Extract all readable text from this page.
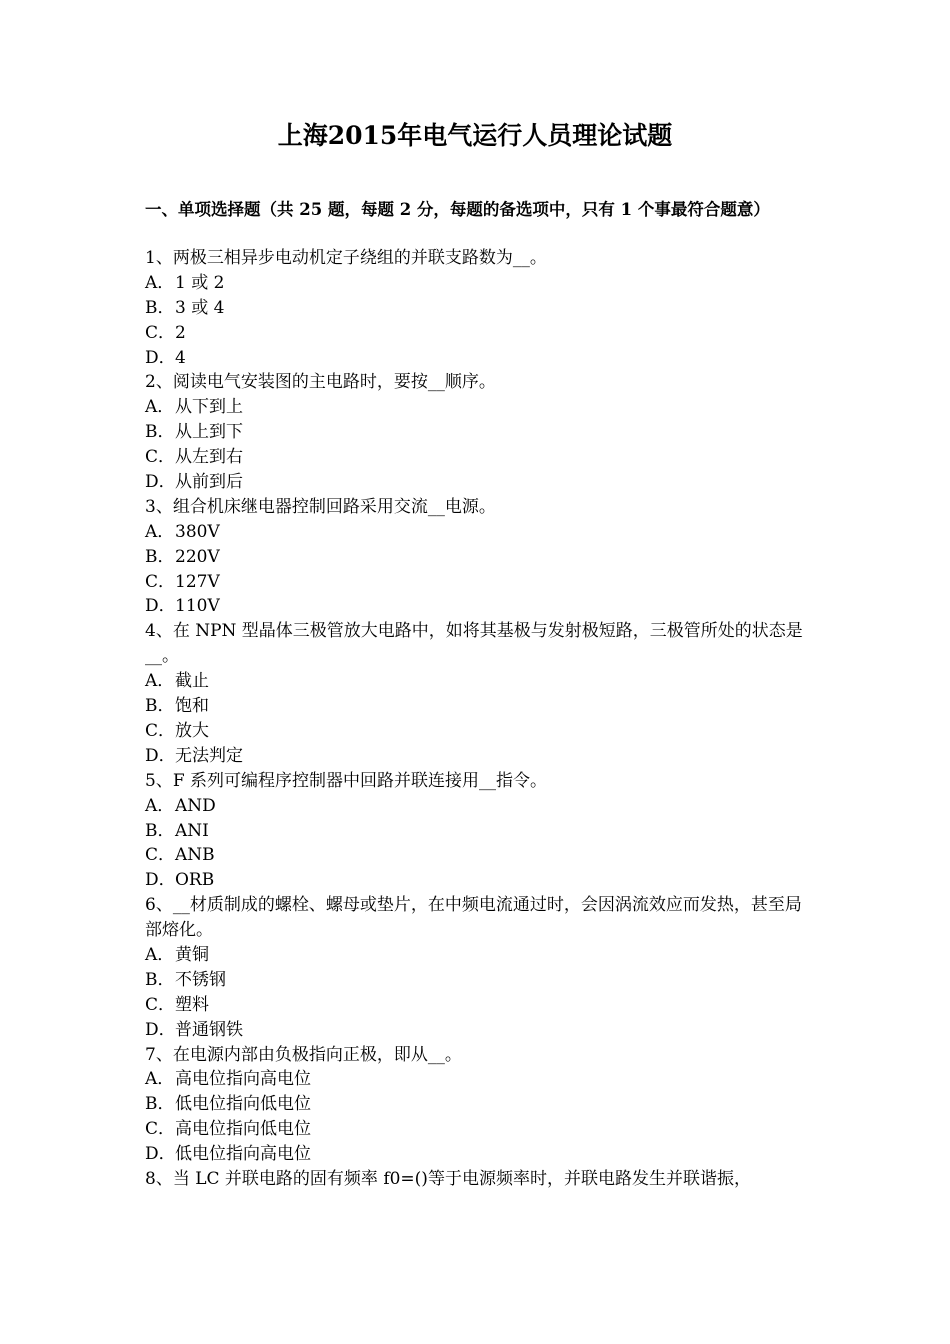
上海2015年电气运行人员理论试题
一、单项选择题（共 25 题，每题 2 分，每题的备选项中，只有 1 个事最符合题意）
1、两极三相异步电动机定子绕组的并联支路数为__。
A．1 或 2
B．3 或 4
C．2
D．4
2、阅读电气安装图的主电路时，要按__顺序。
A．从下到上
B．从上到下
C．从左到右
D．从前到后
3、组合机床继电器控制回路采用交流__电源。
A．380V
B．220V
C．127V
D．110V
4、在 NPN 型晶体三极管放大电路中，如将其基极与发射极短路，三极管所处的状态是__。
A．截止
B．饱和
C．放大
D．无法判定
5、F 系列可编程序控制器中回路并联连接用__指令。
A．AND
B．ANI
C．ANB
D．ORB
6、__材质制成的螺栓、螺母或垫片，在中频电流通过时，会因涡流效应而发热，甚至局部熔化。
A．黄铜
B．不锈钢
C．塑料
D．普通钢铁
7、在电源内部由负极指向正极，即从__。
A．高电位指向高电位
B．低电位指向低电位
C．高电位指向低电位
D．低电位指向高电位
8、当 LC 并联电路的固有频率 f0=()等于电源频率时，并联电路发生并联谐振，
